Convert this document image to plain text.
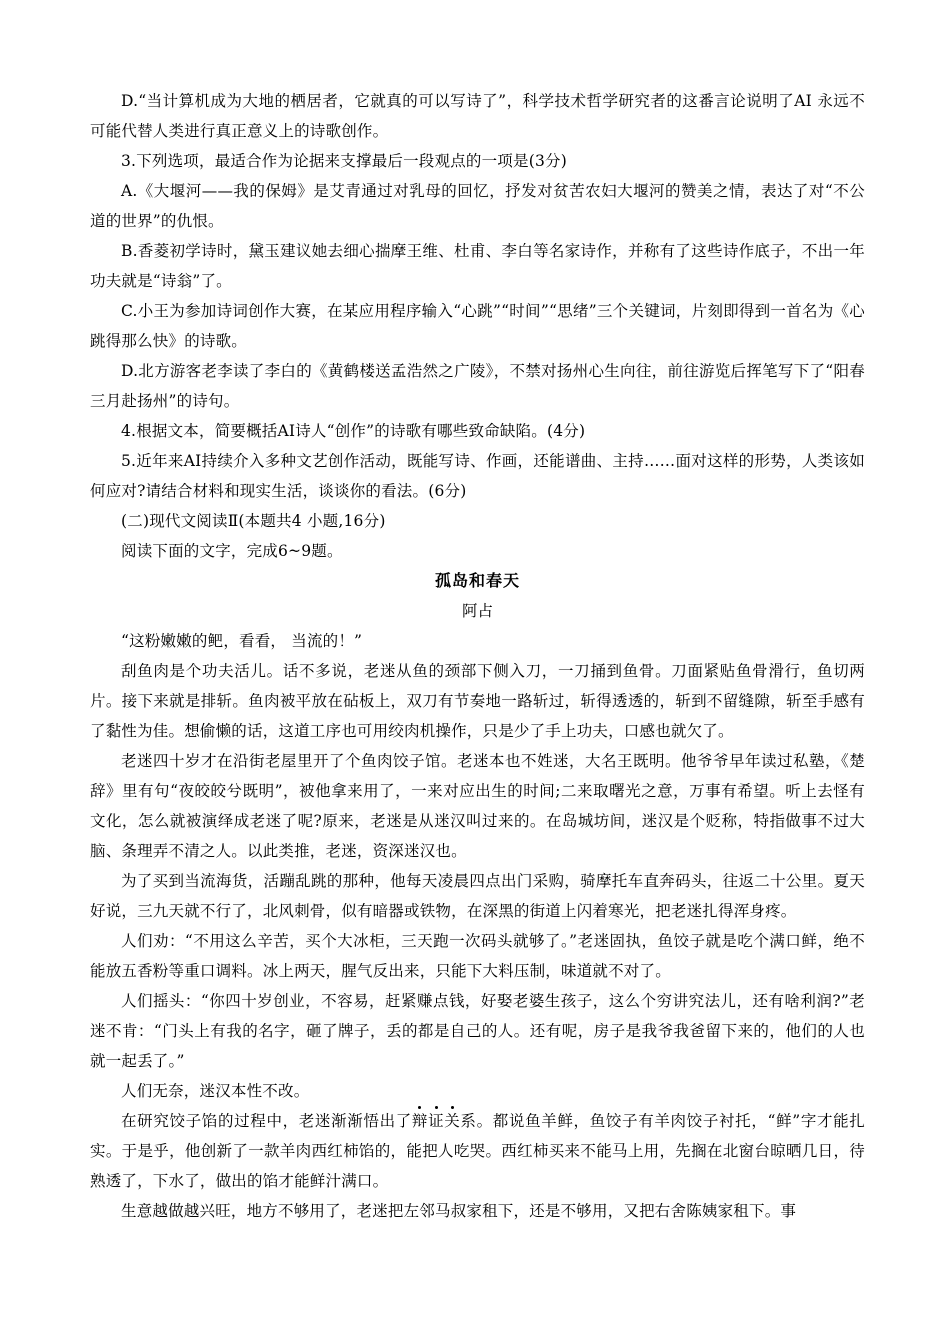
D.“当计算机成为大地的栖居者，它就真的可以写诗了”，科学技术哲学研究者的这番言论说明了AI 永远不可能代替人类进行真正意义上的诗歌创作。

3.下列选项，最适合作为论据来支撑最后一段观点的一项是(3分)

A.《大堰河——我的保姆》是艾青通过对乳母的回忆，抒发对贫苦农妇大堰河的赞美之情，表达了对“不公道的世界”的仇恨。

B.香菱初学诗时，黛玉建议她去细心揣摩王维、杜甫、李白等名家诗作，并称有了这些诗作底子，不出一年功夫就是“诗翁”了。

C.小王为参加诗词创作大赛，在某应用程序输入“心跳”“时间”“思绪”三个关键词，片刻即得到一首名为《心跳得那么快》的诗歌。

D.北方游客老李读了李白的《黄鹤楼送孟浩然之广陵》，不禁对扬州心生向往，前往游览后挥笔写下了“阳春三月赴扬州”的诗句。

4.根据文本，简要概括AI诗人“创作”的诗歌有哪些致命缺陷。(4分)

5.近年来AI持续介入多种文艺创作活动，既能写诗、作画，还能谱曲、主持……面对这样的形势，人类该如何应对?请结合材料和现实生活，谈谈你的看法。(6分)

(二)现代文阅读Ⅱ(本题共4 小题,16分)

阅读下面的文字，完成6~9题。

孤岛和春天

阿占

“这粉嫩嫩的鲃，看看， 当流的！”

刮鱼肉是个功夫活儿。话不多说，老迷从鱼的颈部下侧入刀，一刀捅到鱼骨。刀面紧贴鱼骨滑行，鱼切两片。接下来就是排斩。鱼肉被平放在砧板上，双刀有节奏地一路斩过，斩得透透的，斩到不留缝隙，斩至手感有了黏性为佳。想偷懒的话，这道工序也可用绞肉机操作，只是少了手上功夫，口感也就欠了。

老迷四十岁才在沿街老屋里开了个鱼肉饺子馆。老迷本也不姓迷，大名王既明。他爷爷早年读过私塾，《楚辞》里有句“夜皎皎兮既明”，被他拿来用了，一来对应出生的时间;二来取曙光之意，万事有希望。听上去怪有文化，怎么就被演绎成老迷了呢?原来，老迷是从迷汉叫过来的。在岛城坊间，迷汉是个贬称，特指做事不过大脑、条理弄不清之人。以此类推，老迷，资深迷汉也。

为了买到当流海货，活蹦乱跳的那种，他每天凌晨四点出门采购，骑摩托车直奔码头，往返二十公里。夏天好说，三九天就不行了，北风刺骨，似有暗器或铁物，在深黑的街道上闪着寒光，把老迷扎得浑身疼。

人们劝：“不用这么辛苦，买个大冰柜，三天跑一次码头就够了。”老迷固执，鱼饺子就是吃个满口鲜，绝不能放五香粉等重口调料。冰上两天，腥气反出来，只能下大料压制，味道就不对了。

人们摇头：“你四十岁创业，不容易，赶紧赚点钱，好娶老婆生孩子，这么个穷讲究法儿，还有啥利润?”老迷不肯：“门头上有我的名字，砸了牌子，丢的都是自己的人。还有呢，房子是我爷我爸留下来的，他们的人也就一起丢了。”

人们无奈，迷汉本性不改。

在研究饺子馅的过程中，老迷渐渐悟出了辩证关系。都说鱼羊鲜，鱼饺子有羊肉饺子衬托，“鲜”字才能扎实。于是乎，他创新了一款羊肉西红柿馅的，能把人吃哭。西红柿买来不能马上用，先搁在北窗台晾晒几日，待熟透了，下水了，做出的馅才能鲜汁满口。

生意越做越兴旺，地方不够用了，老迷把左邻马叔家租下，还是不够用，又把右舍陈姨家租下。事
